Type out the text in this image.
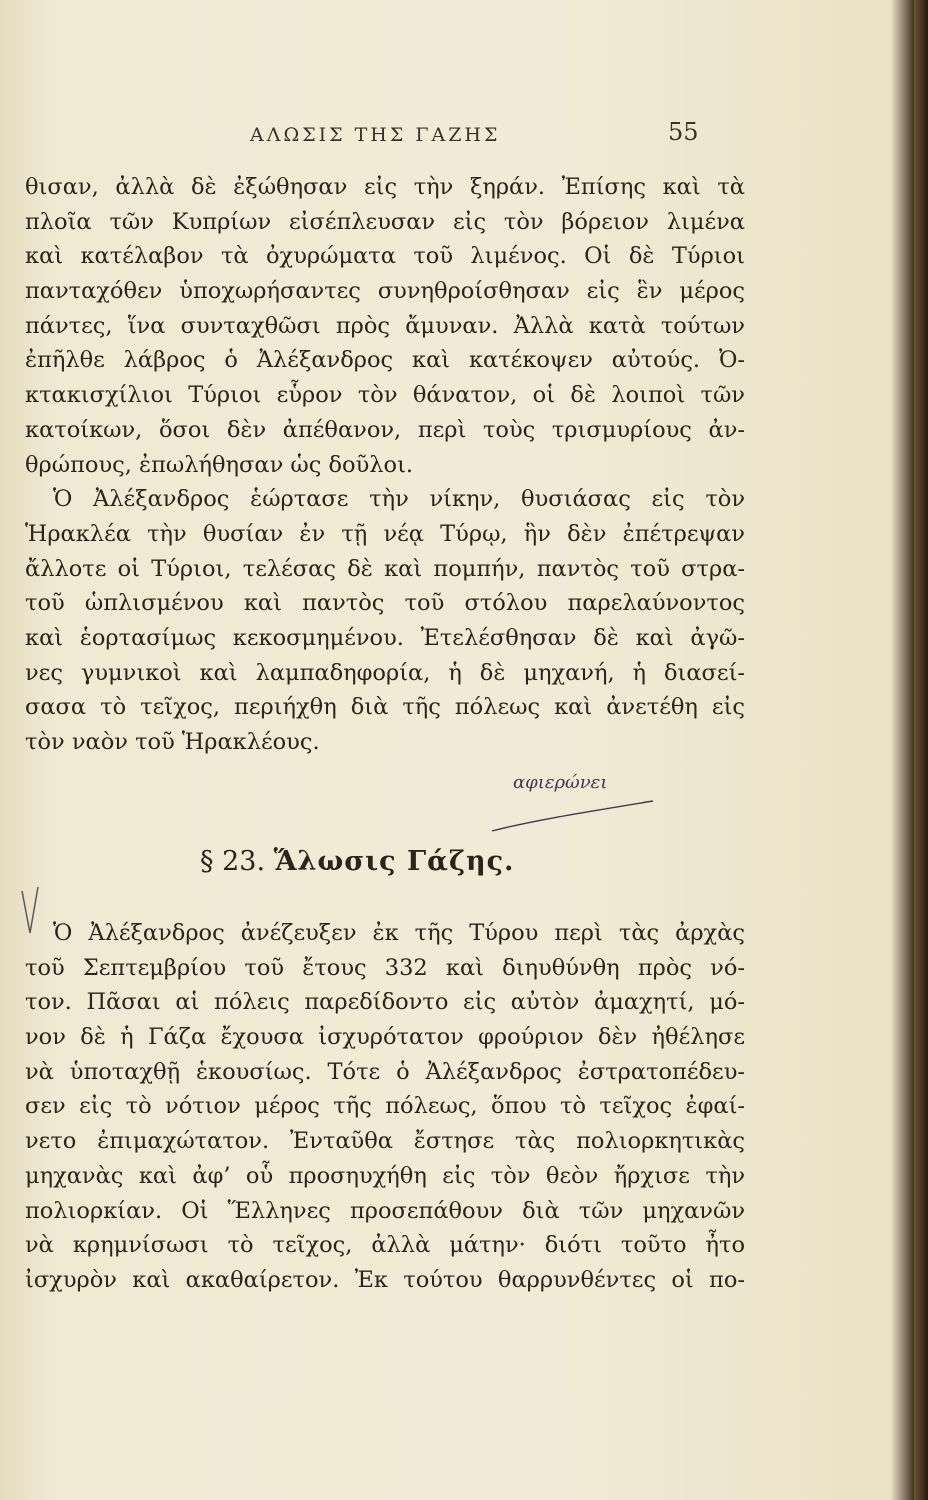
ΑΛΩΣΙΣ ΤΗΣ ΓΑΖΗΣ	55
θισαν, ἀλλὰ δὲ ἐξώθησαν εἰς τὴν ξηράν. Ἐπίσης καὶ τὰ
πλοῖα τῶν Κυπρίων εἰσέπλευσαν εἰς τὸν βόρειον λιμένα
καὶ κατέλαβον τὰ ὀχυρώματα τοῦ λιμένος. Οἱ δὲ Τύριοι
πανταχόθεν ὑποχωρήσαντες συνηθροίσθησαν εἰς ἓν μέρος
πάντες, ἵνα συνταχθῶσι πρὸς ἄμυναν. Ἀλλὰ κατὰ τούτων
ἐπῆλθε λάβρος ὁ Ἀλέξανδρος καὶ κατέκοψεν αὐτούς. Ὀ-
κτακισχίλιοι Τύριοι εὗρον τὸν θάνατον, οἱ δὲ λοιποὶ τῶν
κατοίκων, ὅσοι δὲν ἀπέθανον, περὶ τοὺς τρισμυρίους ἀν-
θρώπους, ἐπωλήθησαν ὡς δοῦλοι.
Ὁ Ἀλέξανδρος ἑώρτασε τὴν νίκην, θυσιάσας εἰς τὸν
Ἡρακλέα τὴν θυσίαν ἐν τῇ νέᾳ Τύρῳ, ἣν δὲν ἐπέτρεψαν
ἄλλοτε οἱ Τύριοι, τελέσας δὲ καὶ πομπήν, παντὸς τοῦ στρα-
τοῦ ὡπλισμένου καὶ παντὸς τοῦ στόλου παρελαύνοντος
καὶ ἑορτασίμως κεκοσμημένου. Ἐτελέσθησαν δὲ καὶ ἀγῶ-
νες γυμνικοὶ καὶ λαμπαδηφορία, ἡ δὲ μηχανή, ἡ διασεί-
σασα τὸ τεῖχος, περιήχθη διὰ τῆς πόλεως καὶ ἀνετέθη εἰς
τὸν ναὸν τοῦ Ἡρακλέους.
αφιερώνει
§ 23. Ἅλωσις Γάζης.
Ὁ Ἀλέξανδρος ἀνέζευξεν ἐκ τῆς Τύρου περὶ τὰς ἀρχὰς
τοῦ Σεπτεμβρίου τοῦ ἔτους 332 καὶ διηυθύνθη πρὸς νό-
τον. Πᾶσαι αἱ πόλεις παρεδίδοντο εἰς αὐτὸν ἀμαχητί, μό-
νον δὲ ἡ Γάζα ἔχουσα ἰσχυρότατον φρούριον δὲν ἠθέλησε
νὰ ὑποταχθῇ ἑκουσίως. Τότε ὁ Ἀλέξανδρος ἐστρατοπέδευ-
σεν εἰς τὸ νότιον μέρος τῆς πόλεως, ὅπου τὸ τεῖχος ἐφαί-
νετο ἐπιμαχώτατον. Ἐνταῦθα ἔστησε τὰς πολιορκητικὰς
μηχανὰς καὶ ἀφ’ οὗ προσηυχήθη εἰς τὸν θεὸν ἤρχισε τὴν
πολιορκίαν. Οἱ Ἕλληνες προσεπάθουν διὰ τῶν μηχανῶν
νὰ κρημνίσωσι τὸ τεῖχος, ἀλλὰ μάτην· διότι τοῦτο ἦτο
ἰσχυρὸν καὶ ακαθαίρετον. Ἐκ τούτου θαρρυνθέντες οἱ πο-
